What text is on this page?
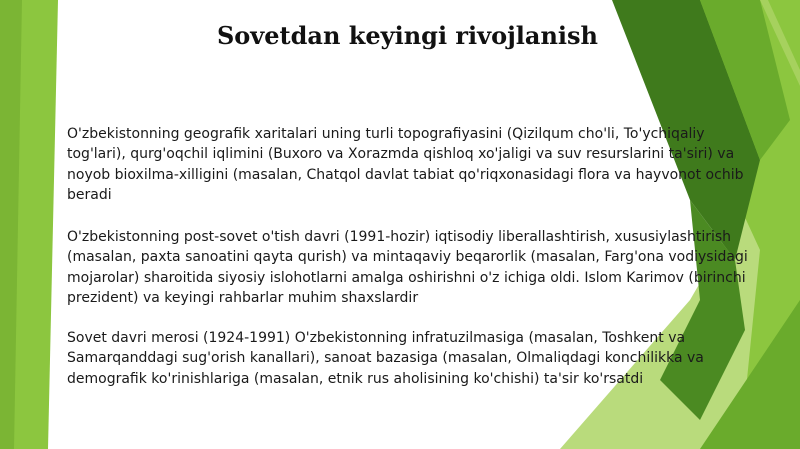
Sovetdan keyingi rivojlanish

O'zbekistonning geografik xaritalari uning turli topografiyasini (Qizilqum cho'li, To'ychiqaliy tog'lari), qurg'oqchil iqlimini (Buxoro va Xorazmda qishloq xo'jaligi va suv resurslarini ta'siri) va noyob bioxilma-xilligini (masalan, Chatqol davlat tabiat qo'riqxonasidagi flora va hayvonot ochib beradi

O'zbekistonning post-sovet o'tish davri (1991-hozir) iqtisodiy liberallashtirish, xususiylashtirish (masalan, paxta sanoatini qayta qurish) va mintaqaviy beqarorlik (masalan, Farg'ona vodiysidagi mojarolar) sharoitida siyosiy islohotlarni amalga oshirishni o'z ichiga oldi. Islom Karimov (birinchi prezident) va keyingi rahbarlar muhim shaxslardir

Sovet davri merosi (1924-1991) O'zbekistonning infratuzilmasiga (masalan, Toshkent va Samarqanddagi sug'orish kanallari), sanoat bazasiga (masalan, Olmaliqdagi konchilikka va demografik ko'rinishlariga (masalan, etnik rus aholisining ko'chishi) ta'sir ko'rsatdi
